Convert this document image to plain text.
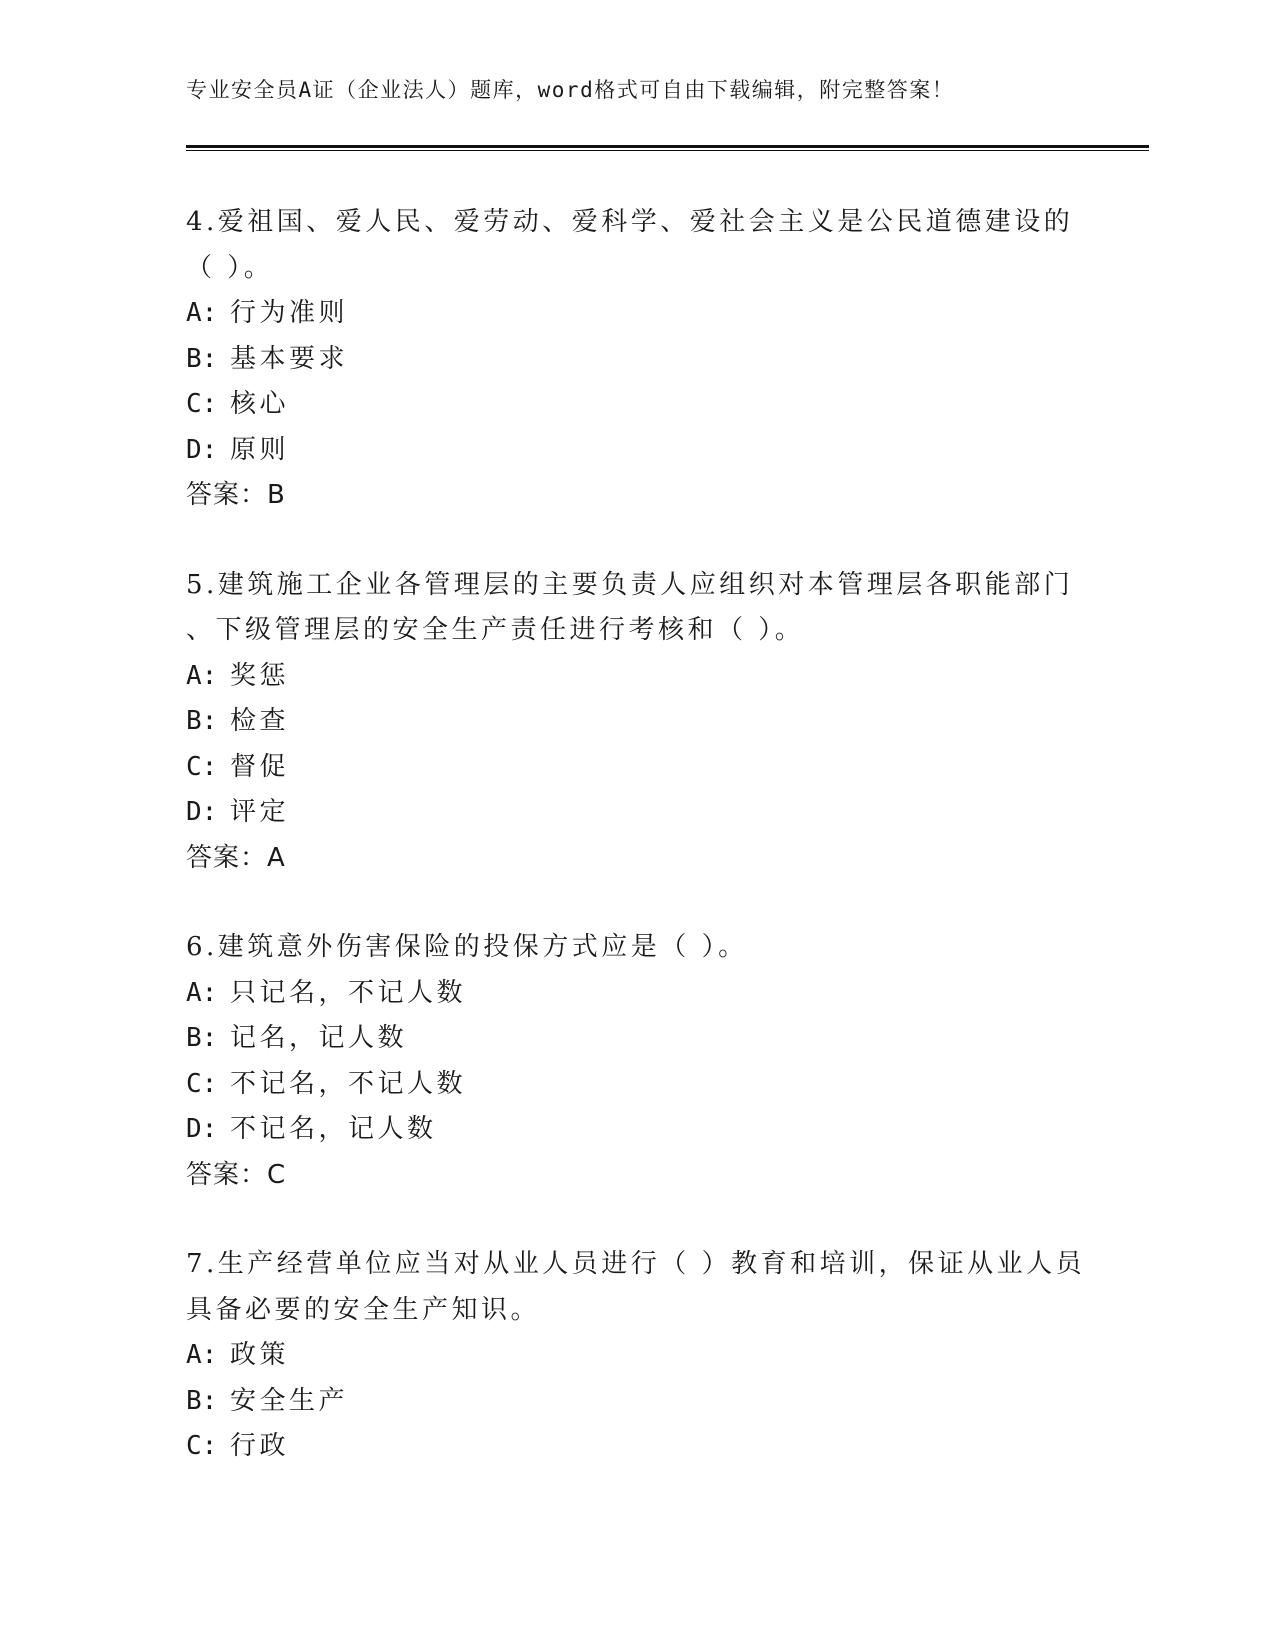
专业安全员A证（企业法人）题库，word格式可自由下载编辑，附完整答案！
4.爱祖国、爱人民、爱劳动、爱科学、爱社会主义是公民道德建设的
（ ）。
A: 行为准则
B: 基本要求
C: 核心
D: 原则
答案：B
5.建筑施工企业各管理层的主要负责人应组织对本管理层各职能部门
、下级管理层的安全生产责任进行考核和（ ）。
A: 奖惩
B: 检查
C: 督促
D: 评定
答案：A
6.建筑意外伤害保险的投保方式应是（ ）。
A: 只记名，不记人数
B: 记名，记人数
C: 不记名，不记人数
D: 不记名，记人数
答案：C
7.生产经营单位应当对从业人员进行（ ）教育和培训，保证从业人员
具备必要的安全生产知识。
A: 政策
B: 安全生产
C: 行政
